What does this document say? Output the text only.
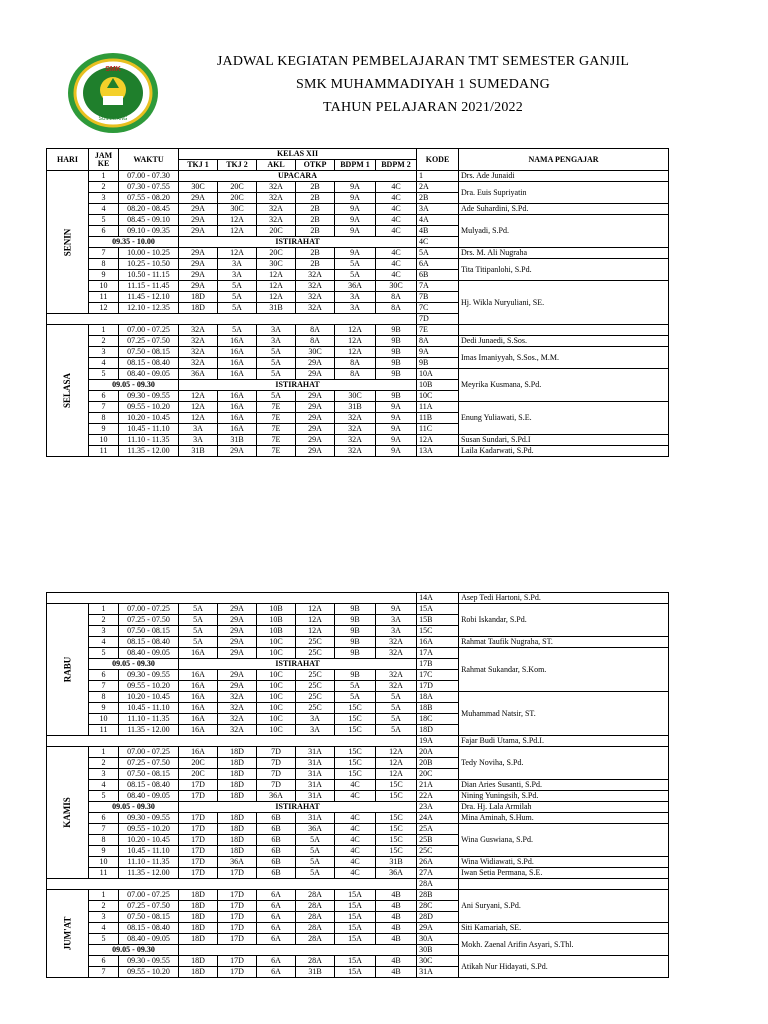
SMK
SUMEDANG
JADWAL KEGIATAN PEMBELAJARAN TMT SEMESTER GANJIL
SMK MUHAMMADIYAH 1 SUMEDANG
TAHUN PELAJARAN 2021/2022
HARI	JAM
KE	WAKTU	KELAS XII						KODE	NAMA PENGAJAR
			TKJ 1	TKJ 2	AKL	OTKP	BDPM 1	BDPM 2		
SENIN	1	07.00 - 07.30	UPACARA						1	Drs. Ade Junaidi
	2	07.30 - 07.55	30C	20C	32A	2B	9A	4C	2A	Dra. Euis Supriyatin
	3	07.55 - 08.20	29A	20C	32A	2B	9A	4C	2B	
	4	08.20 - 08.45	29A	30C	32A	2B	9A	4C	3A	Ade Suhardini, S.Pd.
	5	08.45 - 09.10	29A	12A	32A	2B	9A	4C	4A	Mulyadi, S.Pd.
	6	09.10 - 09.35	29A	12A	20C	2B	9A	4C	4B	
	09.35 - 10.00		ISTIRAHAT						4C	
	7	10.00 - 10.25	29A	12A	20C	2B	9A	4C	5A	Drs. M. Ali Nugraha
	8	10.25 - 10.50	29A	3A	30C	2B	5A	4C	6A	Tita Titipanlohi, S.Pd.
	9	10.50 - 11.15	29A	3A	12A	32A	5A	4C	6B	
	10	11.15 - 11.45	29A	5A	12A	32A	36A	30C	7A	Hj. Wikla Nuryuliani, SE.
	11	11.45 - 12.10	18D	5A	12A	32A	3A	8A	7B	
	12	12.10 - 12.35	18D	5A	31B	32A	3A	8A	7C	
									7D	
SELASA	1	07.00 - 07.25	32A	5A	3A	8A	12A	9B	7E	
	2	07.25 - 07.50	32A	16A	3A	8A	12A	9B	8A	Dedi Junaedi, S.Sos.
	3	07.50 - 08.15	32A	16A	5A	30C	12A	9B	9A	Imas Imaniyyah, S.Sos., M.M.
	4	08.15 - 08.40	32A	16A	5A	29A	8A	9B	9B	
	5	08.40 - 09.05	36A	16A	5A	29A	8A	9B	10A	Meyrika Kusmana, S.Pd.
	09.05 - 09.30		ISTIRAHAT						10B	
	6	09.30 - 09.55	12A	16A	5A	29A	30C	9B	10C	
	7	09.55 - 10.20	12A	16A	7E	29A	31B	9A	11A	Enung Yuliawati, S.E.
	8	10.20 - 10.45	12A	16A	7E	29A	32A	9A	11B	
	9	10.45 - 11.10	3A	16A	7E	29A	32A	9A	11C	
	10	11.10 - 11.35	3A	31B	7E	29A	32A	9A	12A	Susan Sundari, S.Pd.I
	11	11.35 - 12.00	31B	29A	7E	29A	32A	9A	13A	Laila Kadarwati, S.Pd.
									14A	Asep Tedi Hartoni, S.Pd.
RABU	1	07.00 - 07.25	5A	29A	10B	12A	9B	9A	15A	Robi Iskandar, S.Pd.
	2	07.25 - 07.50	5A	29A	10B	12A	9B	3A	15B	
	3	07.50 - 08.15	5A	29A	10B	12A	9B	3A	15C	
	4	08.15 - 08.40	5A	29A	10C	25C	9B	32A	16A	Rahmat Taufik Nugraha, ST.
	5	08.40 - 09.05	16A	29A	10C	25C	9B	32A	17A	Rahmat Sukandar, S.Kom.
	09.05 - 09.30		ISTIRAHAT						17B	
	6	09.30 - 09.55	16A	29A	10C	25C	9B	32A	17C	
	7	09.55 - 10.20	16A	29A	10C	25C	5A	32A	17D	
	8	10.20 - 10.45	16A	32A	10C	25C	5A	5A	18A	Muhammad Natsir, ST.
	9	10.45 - 11.10	16A	32A	10C	25C	15C	5A	18B	
	10	11.10 - 11.35	16A	32A	10C	3A	15C	5A	18C	
	11	11.35 - 12.00	16A	32A	10C	3A	15C	5A	18D	
									19A	Fajar Budi Utama, S.Pd.I.
KAMIS	1	07.00 - 07.25	16A	18D	7D	31A	15C	12A	20A	Tedy Noviha, S.Pd.
	2	07.25 - 07.50	20C	18D	7D	31A	15C	12A	20B	
	3	07.50 - 08.15	20C	18D	7D	31A	15C	12A	20C	
	4	08.15 - 08.40	17D	18D	7D	31A	4C	15C	21A	Dian Aries Susanti, S.Pd.
	5	08.40 - 09.05	17D	18D	36A	31A	4C	15C	22A	Nining Yuningsih, S.Pd.
	09.05 - 09.30		ISTIRAHAT						23A	Dra. Hj. Lala Armilah
	6	09.30 - 09.55	17D	18D	6B	31A	4C	15C	24A	Mina Aminah, S.Hum.
	7	09.55 - 10.20	17D	18D	6B	36A	4C	15C	25A	Wina Guswiana, S.Pd.
	8	10.20 - 10.45	17D	18D	6B	5A	4C	15C	25B	
	9	10.45 - 11.10	17D	18D	6B	5A	4C	15C	25C	
	10	11.10 - 11.35	17D	36A	6B	5A	4C	31B	26A	Wina Widiawati, S.Pd.
	11	11.35 - 12.00	17D	17D	6B	5A	4C	36A	27A	Iwan Setia Permana, S.E.
									28A	
JUM'AT	1	07.00 - 07.25	18D	17D	6A	28A	15A	4B	28B	Ani Suryani, S.Pd.
	2	07.25 - 07.50	18D	17D	6A	28A	15A	4B	28C	
	3	07.50 - 08.15	18D	17D	6A	28A	15A	4B	28D	
	4	08.15 - 08.40	18D	17D	6A	28A	15A	4B	29A	Siti Kamariah, SE.
	5	08.40 - 09.05	18D	17D	6A	28A	15A	4B	30A	Mokh. Zaenal Arifin Asyari, S.Thl.
	09.05 - 09.30								30B	
	6	09.30 - 09.55	18D	17D	6A	28A	15A	4B	30C	Atikah Nur Hidayati, S.Pd.
	7	09.55 - 10.20	18D	17D	6A	31B	15A	4B	31A	
